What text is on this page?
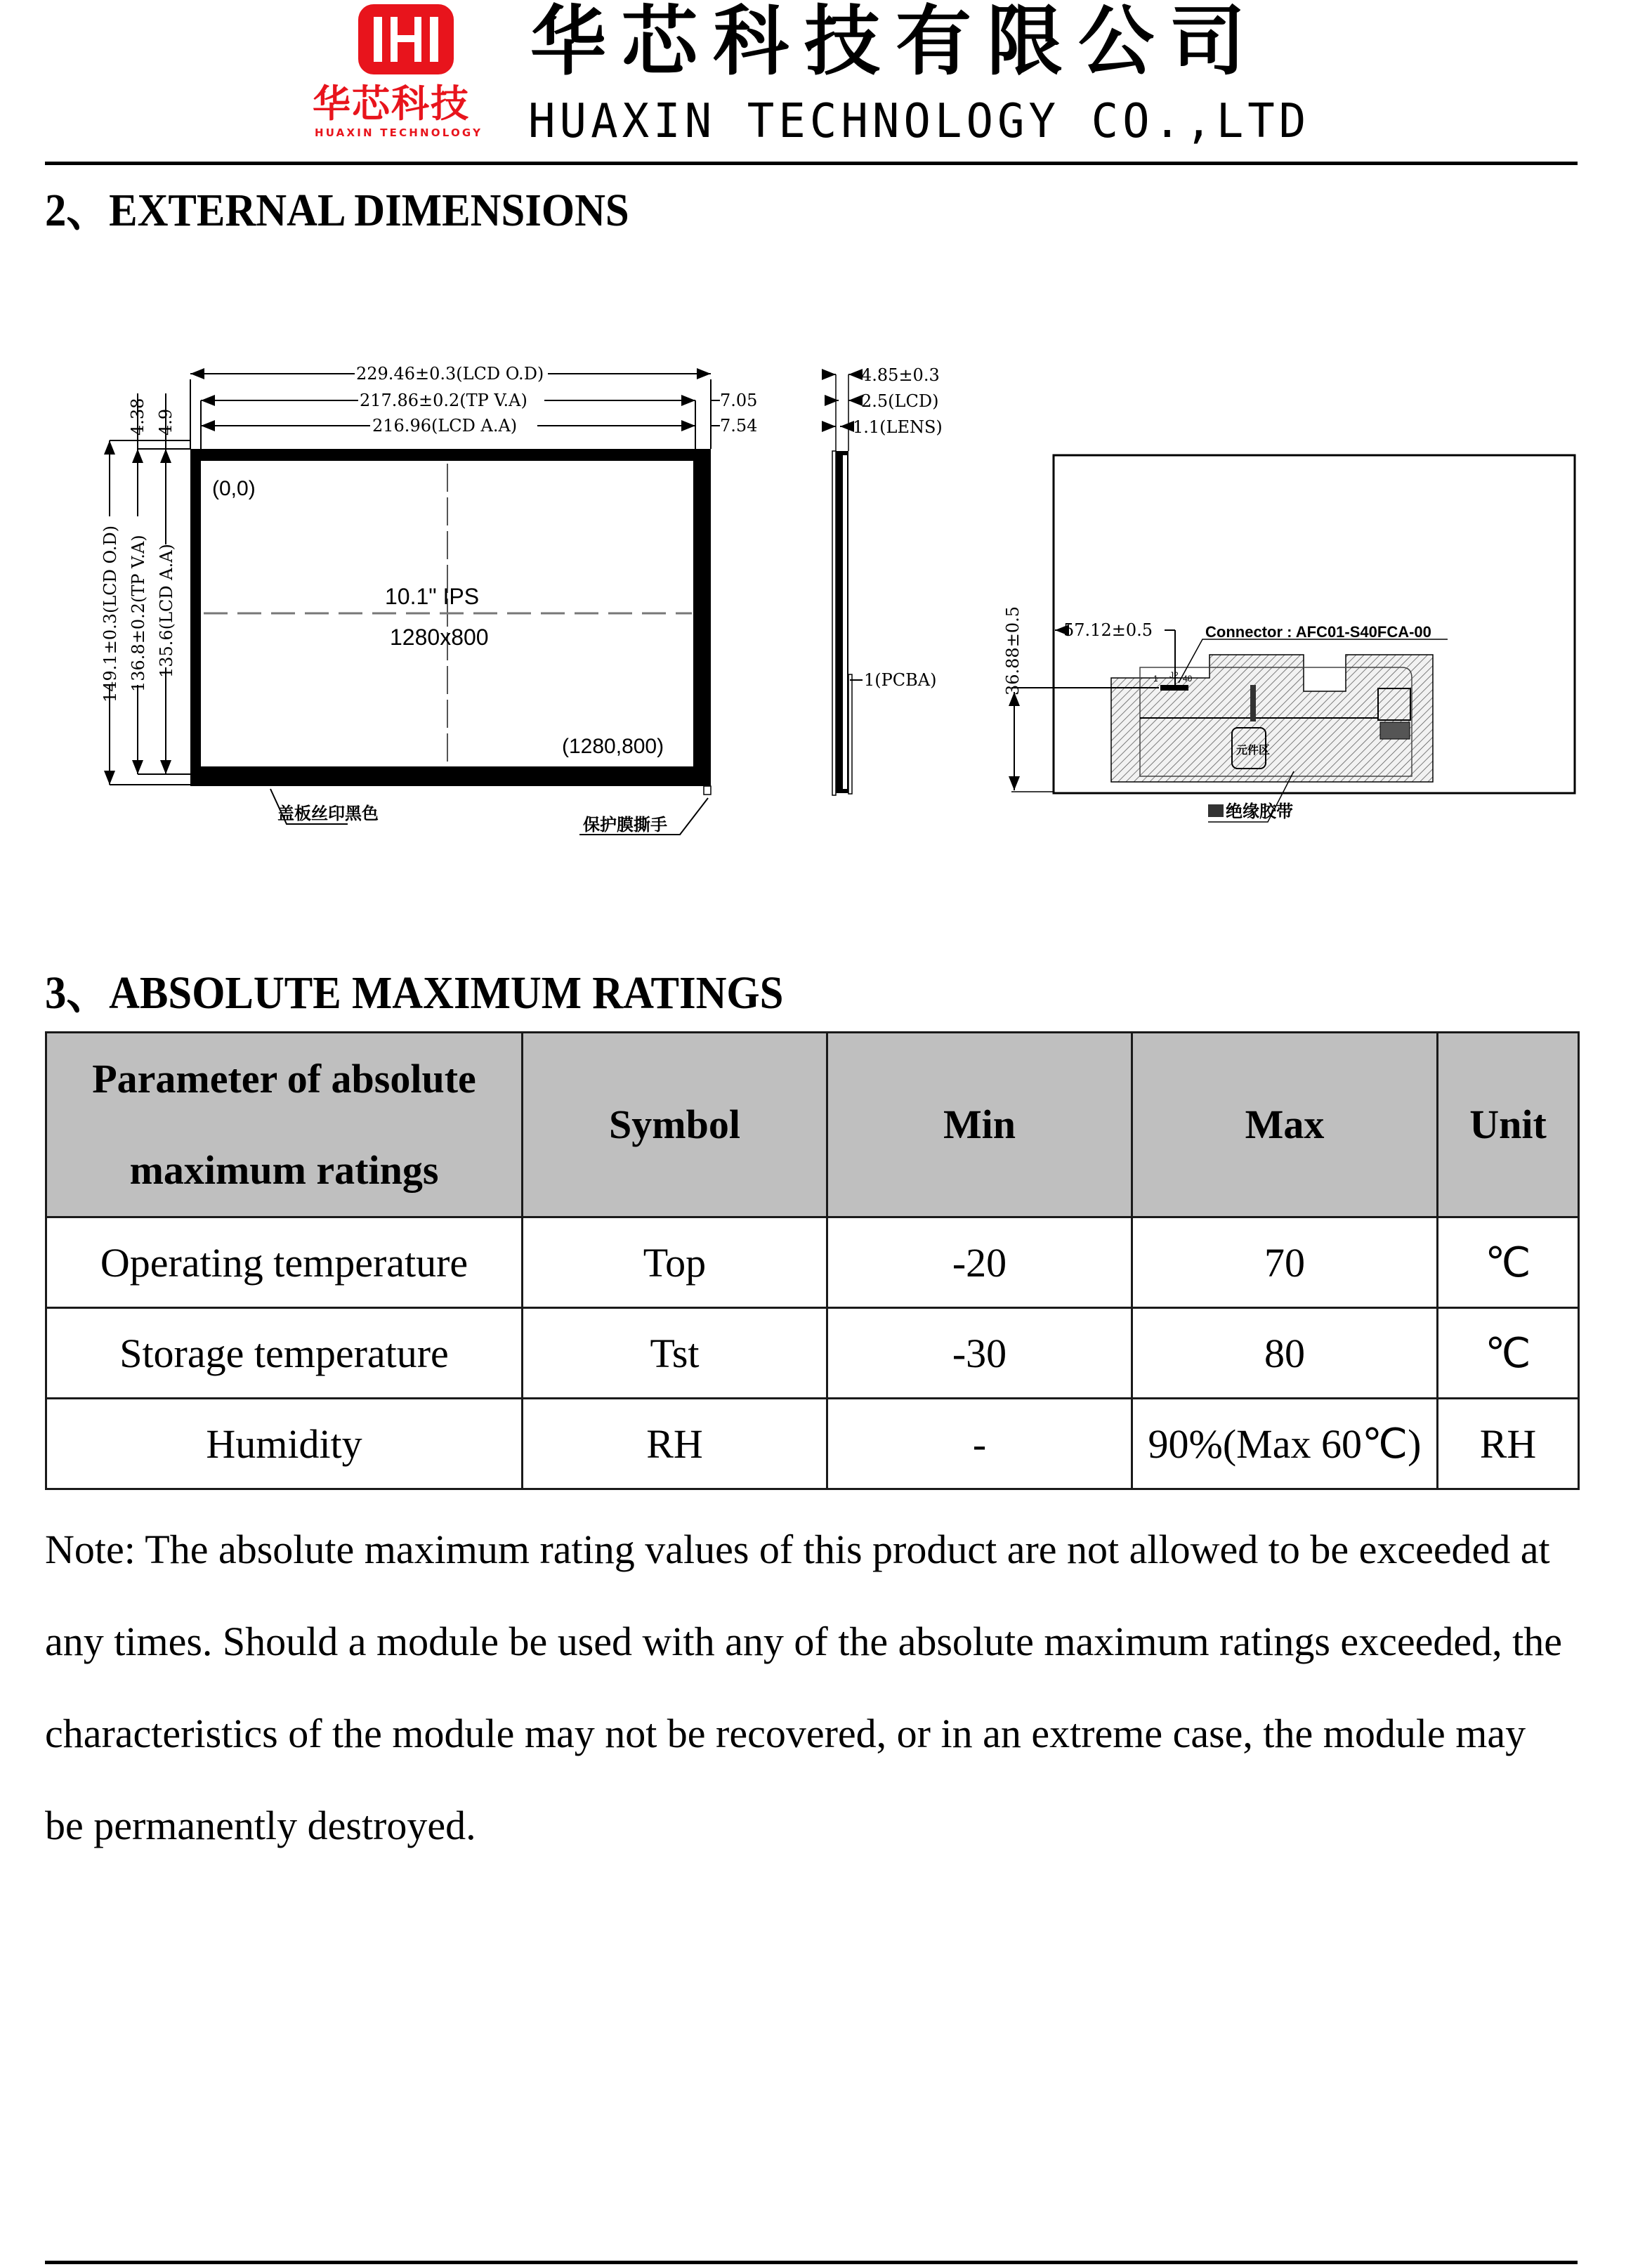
华芯科技
HUAXIN TECHNOLOGY
华芯科技有限公司
HUAXIN TECHNOLOGY CO.,LTD
2、EXTERNAL DIMENSIONS
229.46±0.3(LCD O.D)
217.86±0.2(TP V.A)
216.96(LCD A.A)
7.05
7.54
4.38 4.9
149.1±0.3(LCD O.D) 136.8±0.2(TP V.A) 135.6(LCD A.A)
(0,0)
10.1" IPS
1280x800
(1280,800)
盖板丝印黑色
保护膜撕手
4.85±0.3
2.5(LCD)
1.1(LENS)
1(PCBA)
元件区
1 J2 40
36.88±0.5 57.12±0.5	Connector : AFC01-S40FCA-00
绝缘胶带
3、ABSOLUTE MAXIMUM RATINGS
Parameter of absolute
maximum ratings	Symbol	Min	Max	Unit
Operating temperature	Top	-20	70	℃
Storage temperature	Tst	-30	80	℃
Humidity	RH	-	90%(Max 60℃)	RH
Note: The absolute maximum rating values of this product are not allowed to be exceeded at
any times. Should a module be used with any of the absolute maximum ratings exceeded, the
characteristics of the module may not be recovered, or in an extreme case, the module may
be permanently destroyed.
